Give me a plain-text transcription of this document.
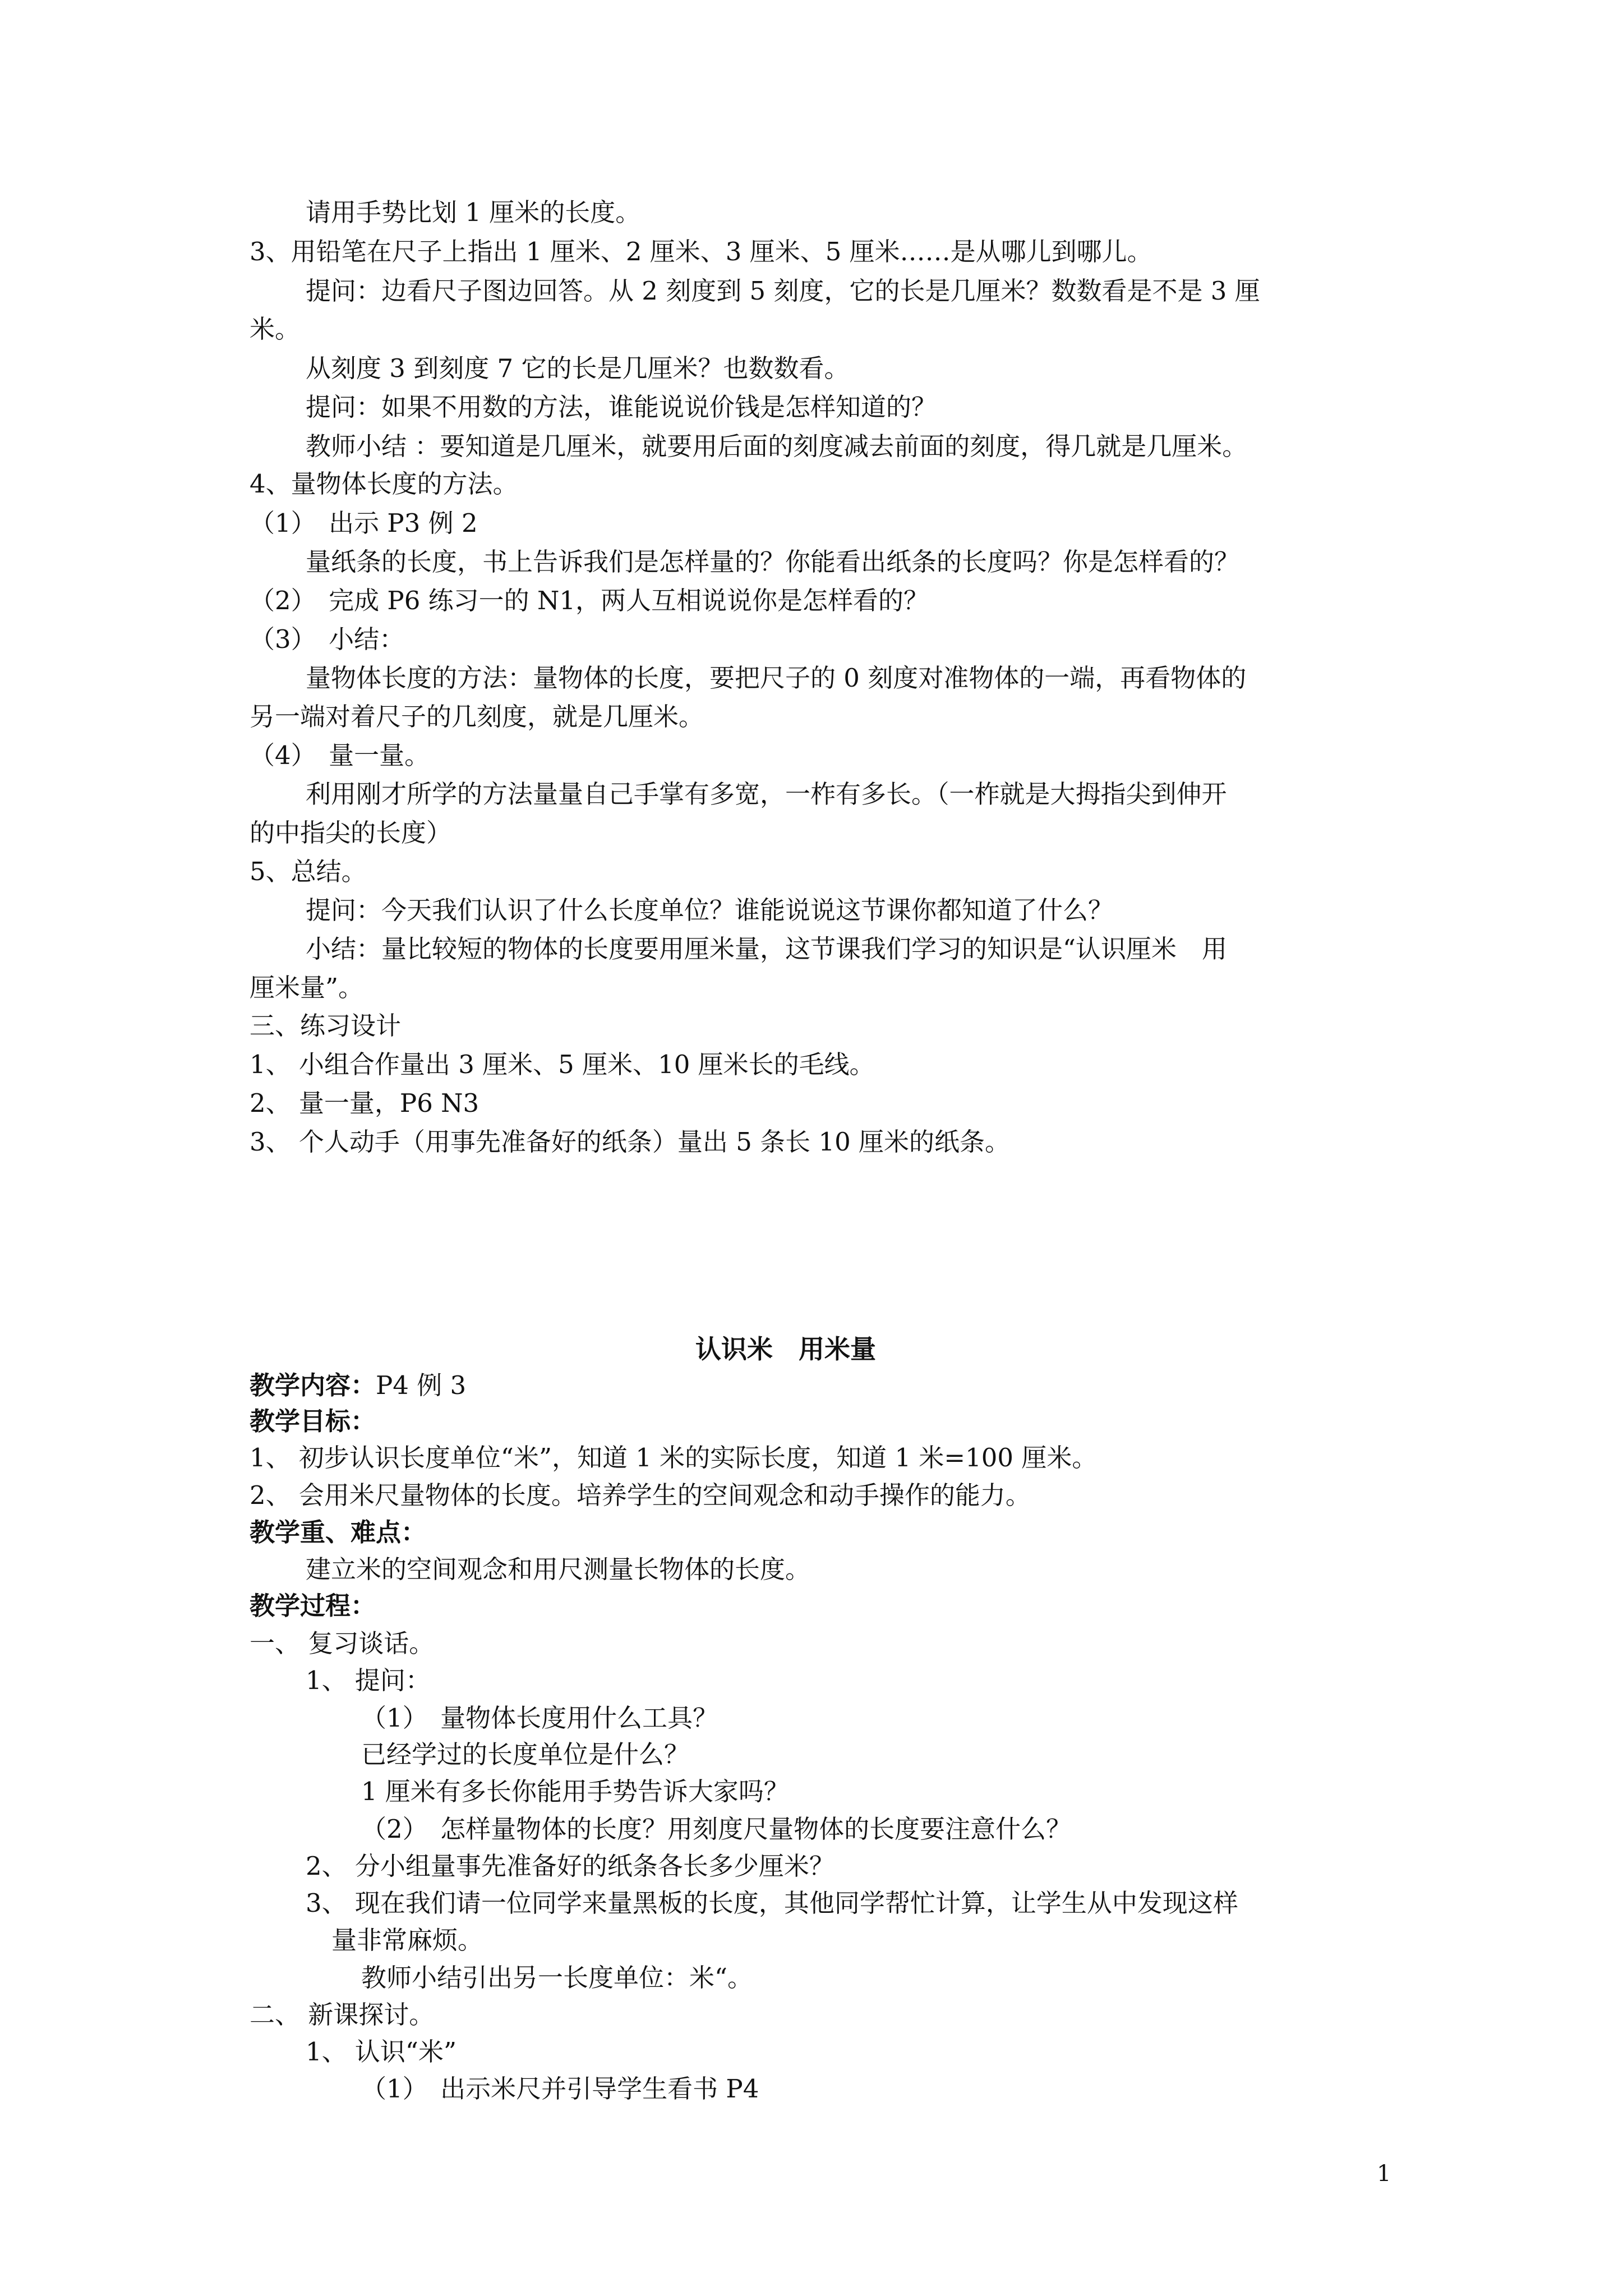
请用手势比划 1 厘米的长度。
3、用铅笔在尺子上指出 1 厘米、2 厘米、3 厘米、5 厘米……是从哪儿到哪儿。
提问：边看尺子图边回答。从 2 刻度到 5 刻度，它的长是几厘米？数数看是不是 3 厘
米。
从刻度 3 到刻度 7 它的长是几厘米？也数数看。
提问：如果不用数的方法，谁能说说价钱是怎样知道的？
教师小结 ：要知道是几厘米，就要用后面的刻度减去前面的刻度，得几就是几厘米。
4、量物体长度的方法。
（1）　出示 P3 例 2
量纸条的长度，书上告诉我们是怎样量的？你能看出纸条的长度吗？你是怎样看的？
（2）　完成 P6 练习一的 N1，两人互相说说你是怎样看的？
（3）　小结：
量物体长度的方法：量物体的长度，要把尺子的 0 刻度对准物体的一端，再看物体的
另一端对着尺子的几刻度，就是几厘米。
（4）　量一量。
利用刚才所学的方法量量自己手掌有多宽，一柞有多长。（一柞就是大拇指尖到伸开
的中指尖的长度）
5、总结。
提问：今天我们认识了什么长度单位？谁能说说这节课你都知道了什么？
小结：量比较短的物体的长度要用厘米量，这节课我们学习的知识是“认识厘米　用
厘米量”。
三、练习设计
1、 小组合作量出 3 厘米、5 厘米、10 厘米长的毛线。
2、 量一量，P6 N3
3、 个人动手（用事先准备好的纸条）量出 5 条长 10 厘米的纸条。
认识米　用米量
教学内容：P4 例 3
教学目标：
1、 初步认识长度单位“米”，知道 1 米的实际长度，知道 1 米=100 厘米。
2、 会用米尺量物体的长度。培养学生的空间观念和动手操作的能力。
教学重、难点：
建立米的空间观念和用尺测量长物体的长度。
教学过程：
一、 复习谈话。
1、 提问：
（1）　量物体长度用什么工具？
已经学过的长度单位是什么？
1 厘米有多长你能用手势告诉大家吗？
（2）　怎样量物体的长度？用刻度尺量物体的长度要注意什么？
2、 分小组量事先准备好的纸条各长多少厘米？
3、 现在我们请一位同学来量黑板的长度，其他同学帮忙计算，让学生从中发现这样
量非常麻烦。
教师小结引出另一长度单位：米“。
二、 新课探讨。
1、 认识“米”
（1）　出示米尺并引导学生看书 P4
1
